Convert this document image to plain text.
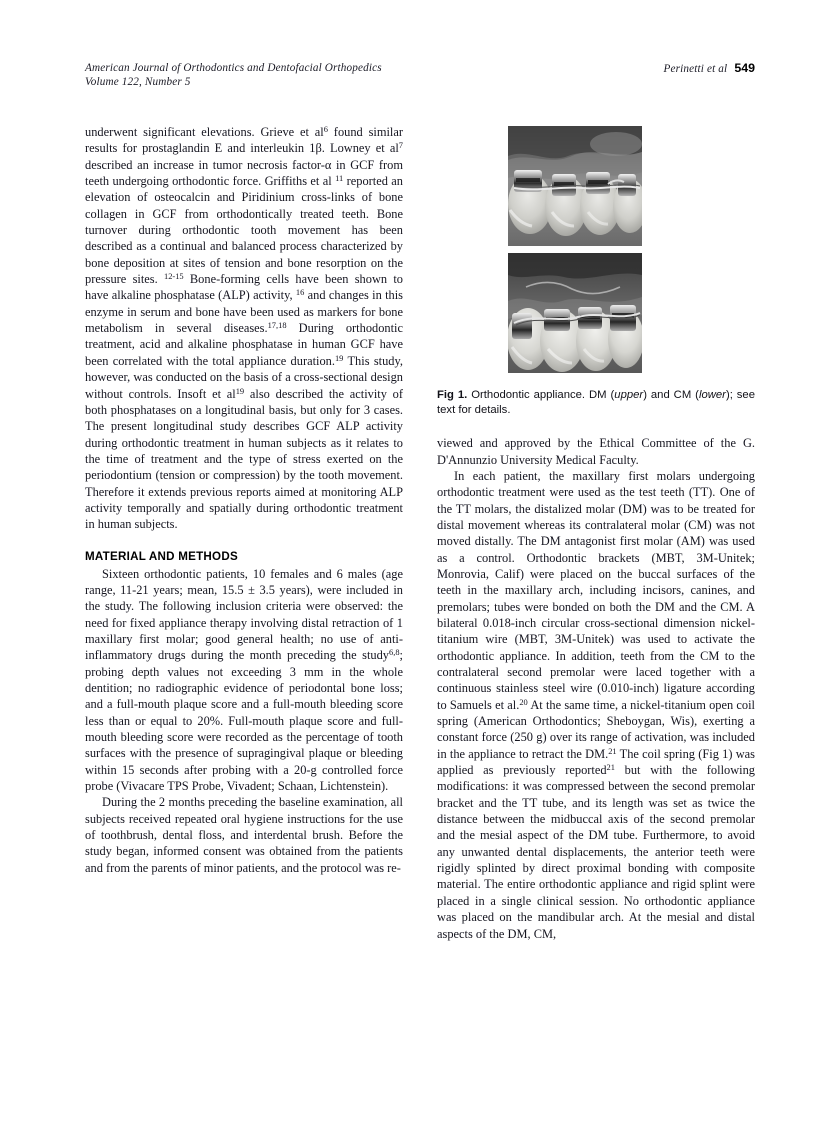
American Journal of Orthodontics and Dentofacial Orthopedics
Volume 122, Number 5
Perinetti et al 549

underwent significant elevations. Grieve et $al^6$ found similar results for prostaglandin E and interleukin 1β. Lowney et $al^7$ described an increase in tumor necrosis factor-α in GCF from teeth undergoing orthodontic force. Griffiths et al $^{11}$ reported an elevation of osteocalcin and Piridinium cross-links of bone collagen in GCF from orthodontically treated teeth. Bone turnover during orthodontic tooth movement has been described as a continual and balanced process characterized by bone deposition at sites of tension and bone resorption on the pressure sites. $^{12-15}$ Bone-forming cells have been shown to have alkaline phosphatase (ALP) activity, $^{16}$ and changes in this enzyme in serum and bone have been used as markers for bone metabolism in several diseases.$^{17,18}$ During orthodontic treatment, acid and alkaline phosphatase in human GCF have been correlated with the total appliance duration.$^{19}$ This study, however, was conducted on the basis of a cross-sectional design without controls. Insoft et $al^{19}$ also described the activity of both phosphatases on a longitudinal basis, but only for 3 cases. The present longitudinal study describes GCF ALP activity during orthodontic treatment in human subjects as it relates to the time of treatment and the type of stress exerted on the periodontium (tension or compression) by the tooth movement. Therefore it extends previous reports aimed at monitoring ALP activity temporally and spatially during orthodontic treatment in human subjects.

MATERIAL AND METHODS

Sixteen orthodontic patients, 10 females and 6 males (age range, 11-21 years; mean, 15.5 ± 3.5 years), were included in the study. The following inclusion criteria were observed: the need for fixed appliance therapy involving distal retraction of 1 maxillary first molar; good general health; no use of anti-inflammatory drugs during the month preceding the study$^{6,8}$; probing depth values not exceeding 3 mm in the whole dentition; no radiographic evidence of periodontal bone loss; and a full-mouth plaque score and a full-mouth bleeding score less than or equal to 20%. Full-mouth plaque score and full-mouth bleeding score were recorded as the percentage of tooth surfaces with the presence of supragingival plaque or bleeding within 15 seconds after probing with a 20-g controlled force probe (Vivacare TPS Probe, Vivadent; Schaan, Lichtenstein).

During the 2 months preceding the baseline examination, all subjects received repeated oral hygiene instructions for the use of toothbrush, dental floss, and interdental brush. Before the study began, informed consent was obtained from the patients and from the parents of minor patients, and the protocol was re-

Fig 1. Orthodontic appliance. DM (upper) and CM (lower); see text for details.

viewed and approved by the Ethical Committee of the G. D'Annunzio University Medical Faculty.

In each patient, the maxillary first molars undergoing orthodontic treatment were used as the test teeth (TT). One of the TT molars, the distalized molar (DM) was to be treated for distal movement whereas its contralateral molar (CM) was not moved distally. The DM antagonist first molar (AM) was used as a control. Orthodontic brackets (MBT, 3M-Unitek; Monrovia, Calif) were placed on the buccal surfaces of the teeth in the maxillary arch, including incisors, canines, and premolars; tubes were bonded on both the DM and the CM. A bilateral 0.018-inch circular cross-sectional dimension nickel-titanium wire (MBT, 3M-Unitek) was used to activate the orthodontic appliance. In addition, teeth from the CM to the contralateral second premolar were laced together with a continuous stainless steel wire (0.010-inch) ligature according to Samuels et al.$^{20}$ At the same time, a nickel-titanium open coil spring (American Orthodontics; Sheboygan, Wis), exerting a constant force (250 g) over its range of activation, was included in the appliance to retract the DM.$^{21}$ The coil spring (Fig 1) was applied as previously reported$^{21}$ but with the following modifications: it was compressed between the second premolar bracket and the TT tube, and its length was set as twice the distance between the midbuccal axis of the second premolar and the mesial aspect of the DM tube. Furthermore, to avoid any unwanted dental displacements, the anterior teeth were rigidly splinted by direct proximal bonding with composite material. The entire orthodontic appliance and rigid splint were placed in a single clinical session. No orthodontic appliance was placed on the mandibular arch. At the mesial and distal aspects of the DM, CM,
